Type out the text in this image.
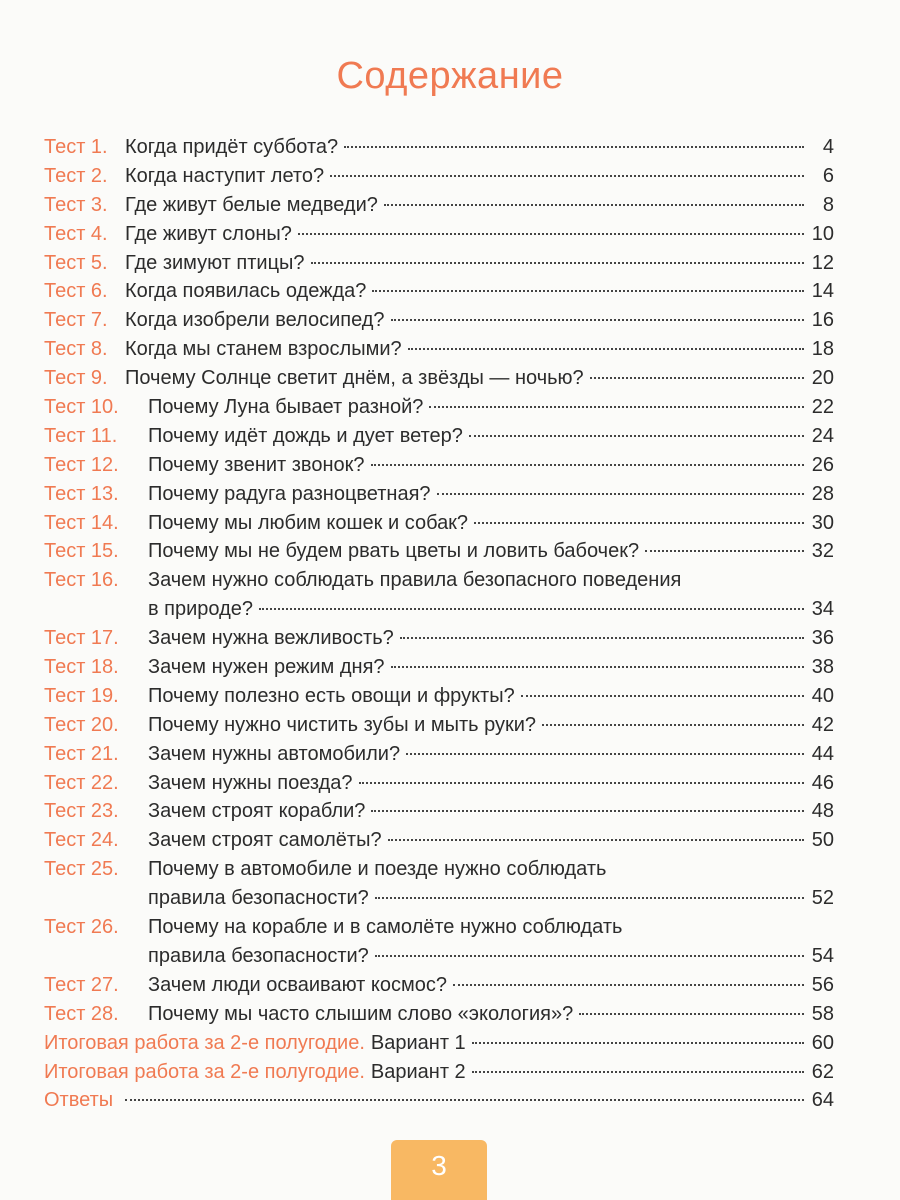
Содержание
Тест 1. Когда придёт суббота?	4
Тест 2. Когда наступит лето?	6
Тест 3. Где живут белые медведи?	8
Тест 4. Где живут слоны?	10
Тест 5. Где зимуют птицы?	12
Тест 6. Когда появилась одежда?	14
Тест 7. Когда изобрели велосипед?	16
Тест 8. Когда мы станем взрослыми?	18
Тест 9. Почему Солнце светит днём, а звёзды — ночью?	20
Тест 10.	Почему Луна бывает разной?	22
Тест 11.	Почему идёт дождь и дует ветер?	24
Тест 12.	Почему звенит звонок?	26
Тест 13.	Почему радуга разноцветная?	28
Тест 14.	Почему мы любим кошек и собак?	30
Тест 15.	Почему мы не будем рвать цветы и ловить бабочек?	32
Тест 16.	Зачем нужно соблюдать правила безопасного поведения
в природе?	34
Тест 17.	Зачем нужна вежливость?	36
Тест 18.	Зачем нужен режим дня?	38
Тест 19.	Почему полезно есть овощи и фрукты?	40
Тест 20.	Почему нужно чистить зубы и мыть руки?	42
Тест 21.	Зачем нужны автомобили?	44
Тест 22.	Зачем нужны поезда?	46
Тест 23.	Зачем строят корабли?	48
Тест 24.	Зачем строят самолёты?	50
Тест 25.	Почему в автомобиле и поезде нужно соблюдать
правила безопасности?	52
Тест 26.	Почему на корабле и в самолёте нужно соблюдать
правила безопасности?	54
Тест 27.	Зачем люди осваивают космос?	56
Тест 28.	Почему мы часто слышим слово «экология»?	58
Итоговая работа за 2-е полугодие. Вариант 1	60
Итоговая работа за 2-е полугодие. Вариант 2	62
Ответы	64
3
